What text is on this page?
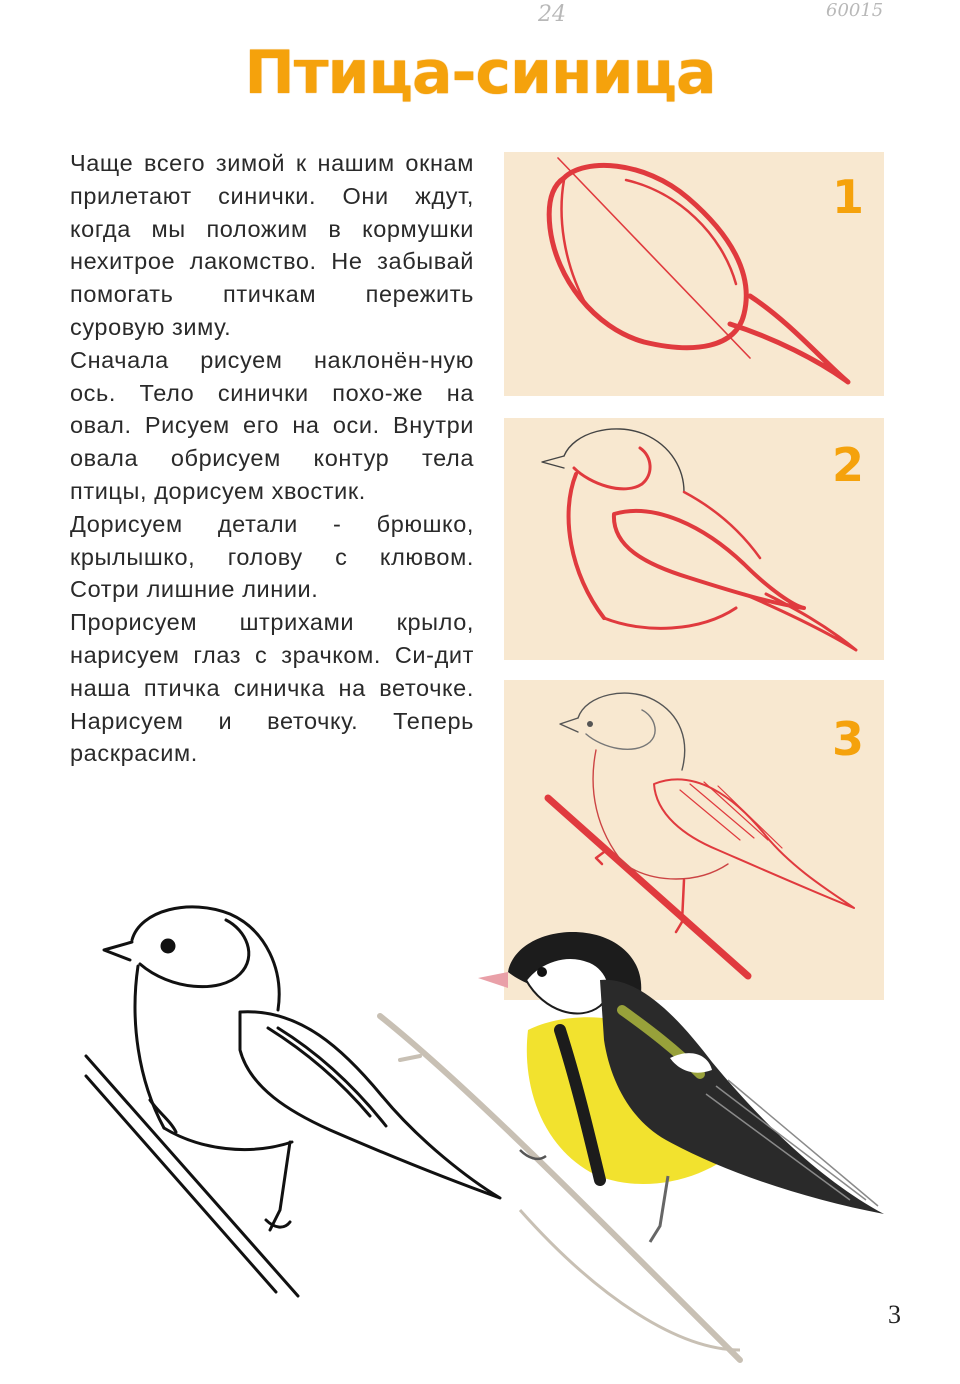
24	60015
Птица-синица

Чаще всего зимой к нашим окнам прилетают синички. Они ждут, когда мы положим в кормушки нехитрое лакомство. Не забывай помогать птичкам пережить суровую зиму.

Сначала рисуем наклонён-ную ось. Тело синички похо-же на овал. Рисуем его на оси. Внутри овала обрисуем контур тела птицы, дорисуем хвостик.

Дорисуем детали - брюшко, крылышко, голову с клювом. Сотри лишние линии.

Прорисуем штрихами крыло, нарисуем глаз с зрачком. Си-дит наша птичка синичка на веточке. Нарисуем и веточку. Теперь раскрасим.

1
2
3
3
